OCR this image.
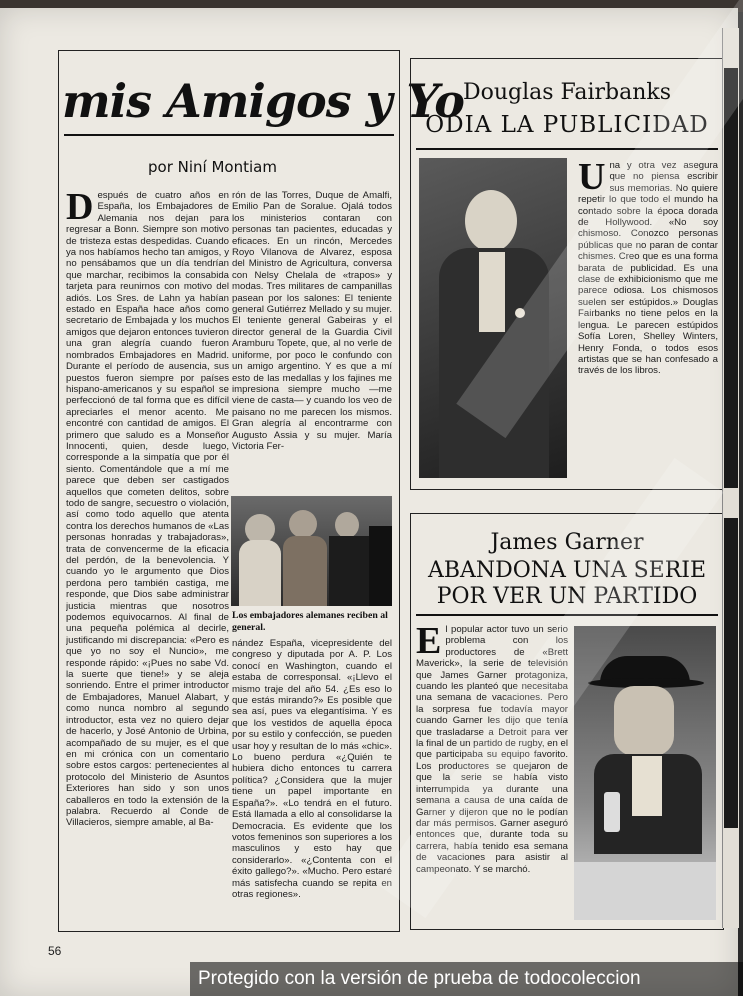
mis Amigos y Yo
por Niní Montiam
Después de cuatro años en España, los Embajadores de Alemania nos dejan para regresar a Bonn. Siempre son motivo de tristeza estas despedidas. Cuando ya nos habíamos hecho tan amigos, y no pensábamos que un día tendrían que marchar, recibimos la consabida tarjeta para reunirnos con motivo del adiós. Los Sres. de Lahn ya habían estado en España hace años como secretario de Embajada y los muchos amigos que dejaron entonces tuvieron una gran alegría cuando fueron nombrados Embajadores en Madrid. Durante el período de ausencia, sus puestos fueron siempre por países hispano-americanos y su español se perfeccionó de tal forma que es difícil apreciarles el menor acento. Me encontré con cantidad de amigos. El primero que saludo es a Monseñor Innocenti, quien, desde luego, corresponde a la simpatía que por él siento. Comentándole que a mí me parece que deben ser castigados aquellos que cometen delitos, sobre todo de sangre, secuestro o violación, así como todo aquello que atenta contra los derechos humanos de «Las personas honradas y trabajadoras», trata de convencerme de la eficacia del perdón, de la benevolencia. Y cuando yo le argumento que Dios perdona pero también castiga, me responde, que Dios sabe administrar justicia mientras que nosotros podemos equivocarnos. Al final de una pequeña polémica al decirle, justificando mi discrepancia: «Pero es que yo no soy el Nuncio», me responde rápido: «¡Pues no sabe Vd. la suerte que tiene!» y se aleja sonriendo. Entre el primer introductor de Embajadores, Manuel Alabart, y como nunca nombro al segundo introductor, esta vez no quiero dejar de hacerlo, y José Antonio de Urbina, acompañado de su mujer, es el que en mi crónica con un comentario sobre estos cargos: pertenecientes al protocolo del Ministerio de Asuntos Exteriores han sido y son unos caballeros en todo la extensión de la palabra. Recuerdo al Conde de Villacieros, siempre amable, al Ba-
rón de las Torres, Duque de Amalfi, Emilio Pan de Soralue. Ojalá todos los ministerios contaran con personas tan pacientes, educadas y eficaces. En un rincón, Mercedes Royo Vilanova de Alvarez, esposa del Ministro de Agricultura, conversa con Nelsy Chelala de «trapos» y modas. Tres militares de campanillas pasean por los salones: El teniente general Gutiérrez Mellado y su mujer. El teniente general Gabeiras y el director general de la Guardia Civil Aramburu Topete, que, al no verle de uniforme, por poco le confundo con un amigo argentino. Y es que a mí esto de las medallas y los fajines me impresiona siempre mucho —me viene de casta— y cuando los veo de paisano no me parecen los mismos. Gran alegría al encontrarme con Augusto Assia y su mujer. María Victoria Fer-
Los embajadores alemanes reciben al general.
nández España, vicepresidente del congreso y diputada por A. P. Los conocí en Washington, cuando el estaba de corresponsal. «¡Llevo el mismo traje del año 54. ¿Es eso lo que estás mirando?» Es posible que sea así, pues va elegantísima. Y es que los vestidos de aquella época por su estilo y confección, se pueden usar hoy y resultan de lo más «chic». Lo bueno perdura «¿Quién te hubiera dicho entonces tu carrera política? ¿Considera que la mujer tiene un papel importante en España?». «Lo tendrá en el futuro. Está llamada a ello al consolidarse la Democracia. Es evidente que los votos femeninos son superiores a los masculinos y esto hay que considerarlo». «¿Contenta con el éxito gallego?». «Mucho. Pero estaré más satisfecha cuando se repita en otras regiones».
56
Douglas Fairbanks
ODIA LA PUBLICIDAD
Una y otra vez asegura que no piensa escribir sus memorias. No quiere repetir lo que todo el mundo ha contado sobre la época dorada de Hollywood. «No soy chismoso. Conozco personas públicas que no paran de contar chismes. Creo que es una forma barata de publicidad. Es una clase de exhibicionismo que me parece odiosa. Los chismosos suelen ser estúpidos.» Douglas Fairbanks no tiene pelos en la lengua. Le parecen estúpidos Sofía Loren, Shelley Winters, Henry Fonda, o todos esos artistas que se han confesado a través de los libros.
James Garner
ABANDONA UNA SERIE
POR VER UN PARTIDO
El popular actor tuvo un serio problema con los productores de «Brett Maverick», la serie de televisión que James Garner protagoniza, cuando les planteó que necesitaba una semana de vacaciones. Pero la sorpresa fue todavía mayor cuando Garner les dijo que tenía que trasladarse a Detroit para ver la final de un partido de rugby, en el que participaba su equipo favorito. Los productores se quejaron de que la serie se había visto interrumpida ya durante una semana a causa de una caída de Garner y dijeron que no le podían dar más permisos. Garner aseguró entonces que, durante toda su carrera, había tenido esa semana de vacaciones para asistir al campeonato. Y se marchó.
Protegido con la versión de prueba de todocoleccion
